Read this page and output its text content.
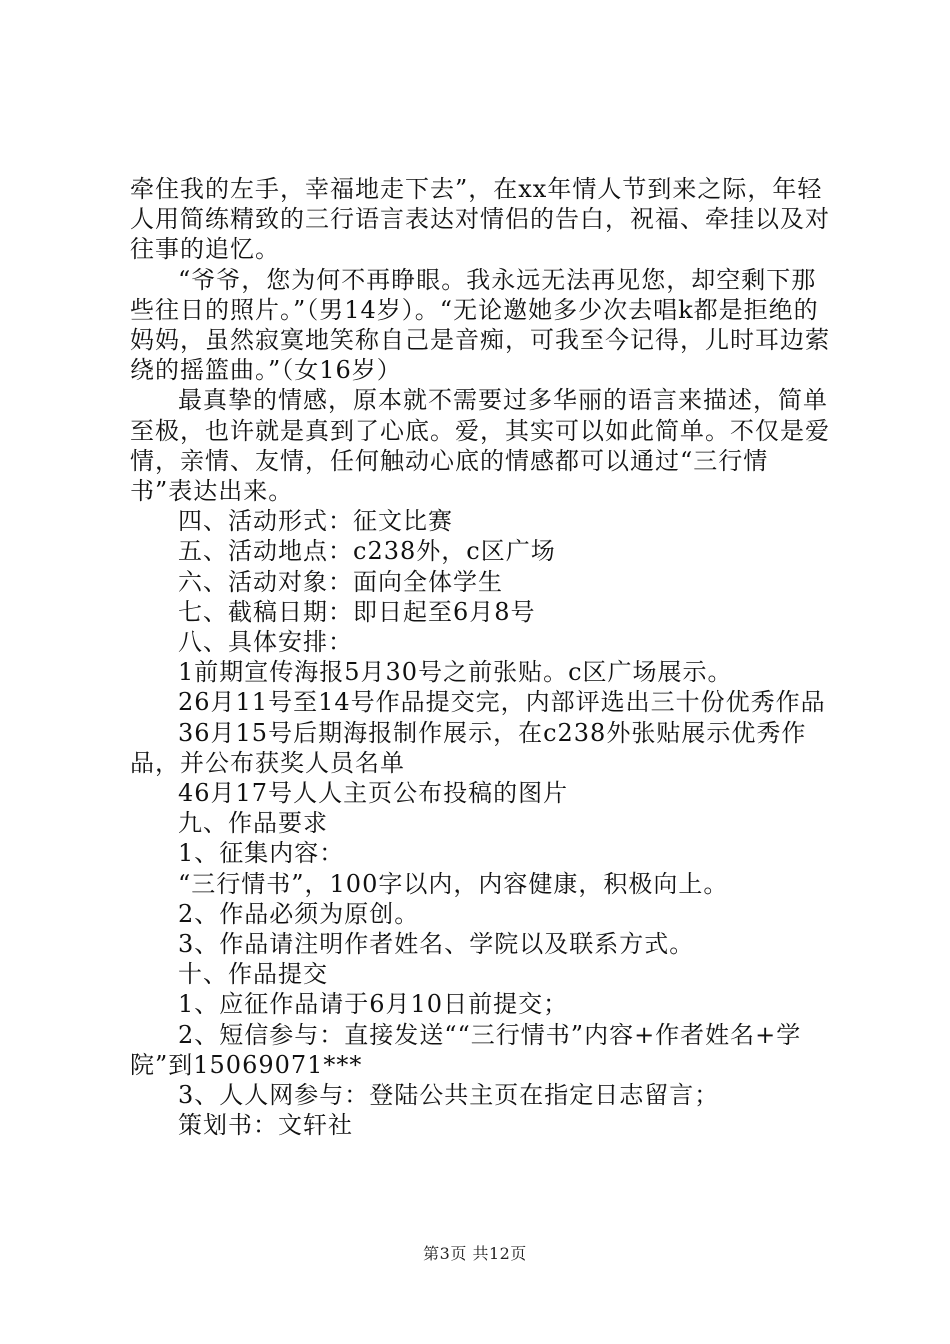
牵住我的左手，幸福地走下去”，在xx年情人节到来之际，年轻人用简练精致的三行语言表达对情侣的告白，祝福、牵挂以及对往事的追忆。

“爷爷，您为何不再睁眼。我永远无法再见您，却空剩下那些往日的照片。”（男14岁）。“无论邀她多少次去唱k都是拒绝的妈妈，虽然寂寞地笑称自己是音痴，可我至今记得，儿时耳边萦绕的摇篮曲。”（女16岁）

最真挚的情感，原本就不需要过多华丽的语言来描述，简单至极，也许就是真到了心底。爱，其实可以如此简单。不仅是爱情，亲情、友情，任何触动心底的情感都可以通过“三行情书”表达出来。

四、活动形式：征文比赛

五、活动地点：c238外，c区广场

六、活动对象：面向全体学生

七、截稿日期：即日起至6月8号

八、具体安排：

1前期宣传海报5月30号之前张贴。c区广场展示。

26月11号至14号作品提交完，内部评选出三十份优秀作品

36月15号后期海报制作展示，在c238外张贴展示优秀作品，并公布获奖人员名单

46月17号人人主页公布投稿的图片

九、作品要求

1、征集内容：

“三行情书”，100字以内，内容健康，积极向上。

2、作品必须为原创。

3、作品请注明作者姓名、学院以及联系方式。

十、作品提交

1、应征作品请于6月10日前提交；

2、短信参与：直接发送““三行情书”内容+作者姓名+学院”到15069071***

3、人人网参与：登陆公共主页在指定日志留言；

策划书：文轩社

第3页 共12页
